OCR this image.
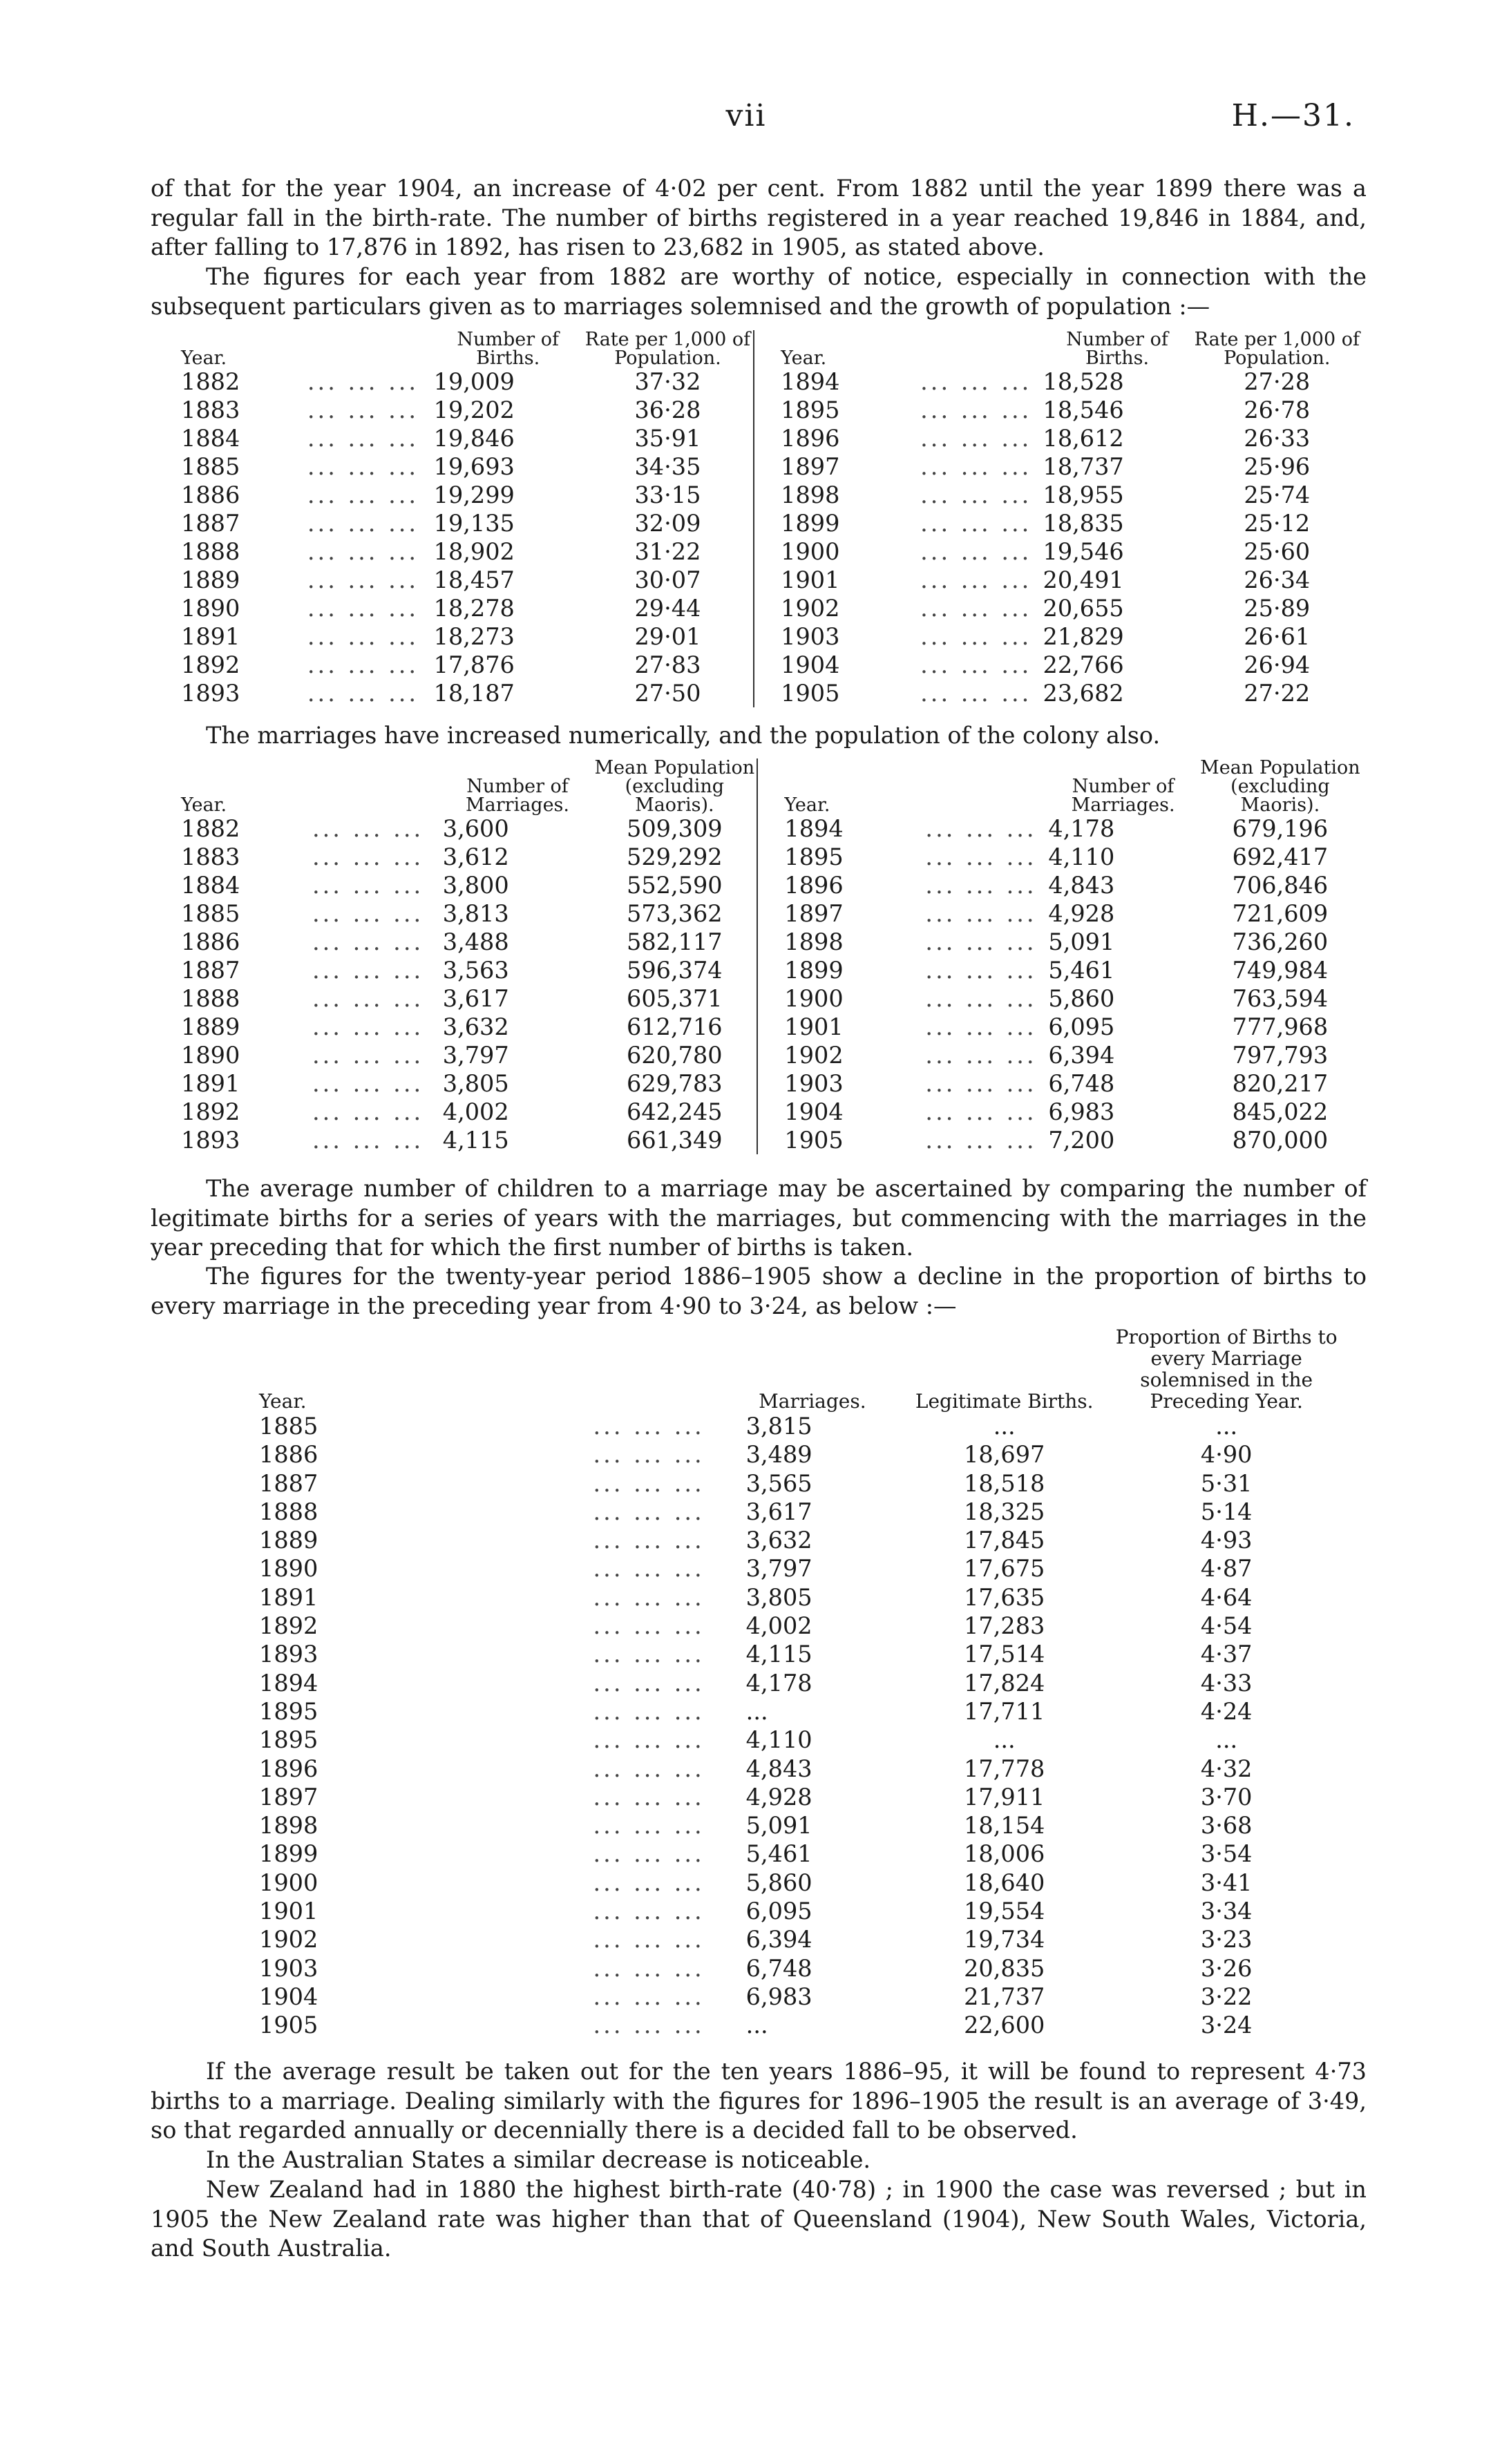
vii	H.—31.

of that for the year 1904, an increase of 4·02 per cent. From 1882 until the year 1899 there was a regular fall in the birth-rate. The number of births registered in a year reached 19,846 in 1884, and, after falling to 17,876 in 1892, has risen to 23,682 in 1905, as stated above.

The figures for each year from 1882 are worthy of notice, especially in connection with the subsequent particulars given as to marriages solemnised and the growth of population :—

Year.		Number of Births.	Rate per 1,000 of Population.	Year.		Number of Births.	Rate per 1,000 of Population.
1882	... ... ...	19,009	37·32	1894	... ... ...	18,528	27·28
1883	... ... ...	19,202	36·28	1895	... ... ...	18,546	26·78
1884	... ... ...	19,846	35·91	1896	... ... ...	18,612	26·33
1885	... ... ...	19,693	34·35	1897	... ... ...	18,737	25·96
1886	... ... ...	19,299	33·15	1898	... ... ...	18,955	25·74
1887	... ... ...	19,135	32·09	1899	... ... ...	18,835	25·12
1888	... ... ...	18,902	31·22	1900	... ... ...	19,546	25·60
1889	... ... ...	18,457	30·07	1901	... ... ...	20,491	26·34
1890	... ... ...	18,278	29·44	1902	... ... ...	20,655	25·89
1891	... ... ...	18,273	29·01	1903	... ... ...	21,829	26·61
1892	... ... ...	17,876	27·83	1904	... ... ...	22,766	26·94
1893	... ... ...	18,187	27·50	1905	... ... ...	23,682	27·22

The marriages have increased numerically, and the population of the colony also.

Year.		Number of Marriages.	Mean Population (excluding Maoris).	Year.		Number of Marriages.	Mean Population (excluding Maoris).
1882	... ... ...	3,600	509,309	1894	... ... ...	4,178	679,196
1883	... ... ...	3,612	529,292	1895	... ... ...	4,110	692,417
1884	... ... ...	3,800	552,590	1896	... ... ...	4,843	706,846
1885	... ... ...	3,813	573,362	1897	... ... ...	4,928	721,609
1886	... ... ...	3,488	582,117	1898	... ... ...	5,091	736,260
1887	... ... ...	3,563	596,374	1899	... ... ...	5,461	749,984
1888	... ... ...	3,617	605,371	1900	... ... ...	5,860	763,594
1889	... ... ...	3,632	612,716	1901	... ... ...	6,095	777,968
1890	... ... ...	3,797	620,780	1902	... ... ...	6,394	797,793
1891	... ... ...	3,805	629,783	1903	... ... ...	6,748	820,217
1892	... ... ...	4,002	642,245	1904	... ... ...	6,983	845,022
1893	... ... ...	4,115	661,349	1905	... ... ...	7,200	870,000

The average number of children to a marriage may be ascertained by comparing the number of legitimate births for a series of years with the marriages, but commencing with the marriages in the year preceding that for which the first number of births is taken.

The figures for the twenty-year period 1886–1905 show a decline in the proportion of births to every marriage in the preceding year from 4·90 to 3·24, as below :—

Year.		Marriages.	Legitimate Births.	Proportion of Births to every Marriage solemnised in the Preceding Year.
1885	... ... ...	3,815	...	...
1886	... ... ...	3,489	18,697	4·90
1887	... ... ...	3,565	18,518	5·31
1888	... ... ...	3,617	18,325	5·14
1889	... ... ...	3,632	17,845	4·93
1890	... ... ...	3,797	17,675	4·87
1891	... ... ...	3,805	17,635	4·64
1892	... ... ...	4,002	17,283	4·54
1893	... ... ...	4,115	17,514	4·37
1894	... ... ...	4,178	17,824	4·33
1895	... ... ...	...	17,711	4·24
1895	... ... ...	4,110	...	...
1896	... ... ...	4,843	17,778	4·32
1897	... ... ...	4,928	17,911	3·70
1898	... ... ...	5,091	18,154	3·68
1899	... ... ...	5,461	18,006	3·54
1900	... ... ...	5,860	18,640	3·41
1901	... ... ...	6,095	19,554	3·34
1902	... ... ...	6,394	19,734	3·23
1903	... ... ...	6,748	20,835	3·26
1904	... ... ...	6,983	21,737	3·22
1905	... ... ...	...	22,600	3·24

If the average result be taken out for the ten years 1886–95, it will be found to represent 4·73 births to a marriage. Dealing similarly with the figures for 1896–1905 the result is an average of 3·49, so that regarded annually or decennially there is a decided fall to be observed.

In the Australian States a similar decrease is noticeable.

New Zealand had in 1880 the highest birth-rate (40·78) ; in 1900 the case was reversed ; but in 1905 the New Zealand rate was higher than that of Queensland (1904), New South Wales, Victoria, and South Australia.
